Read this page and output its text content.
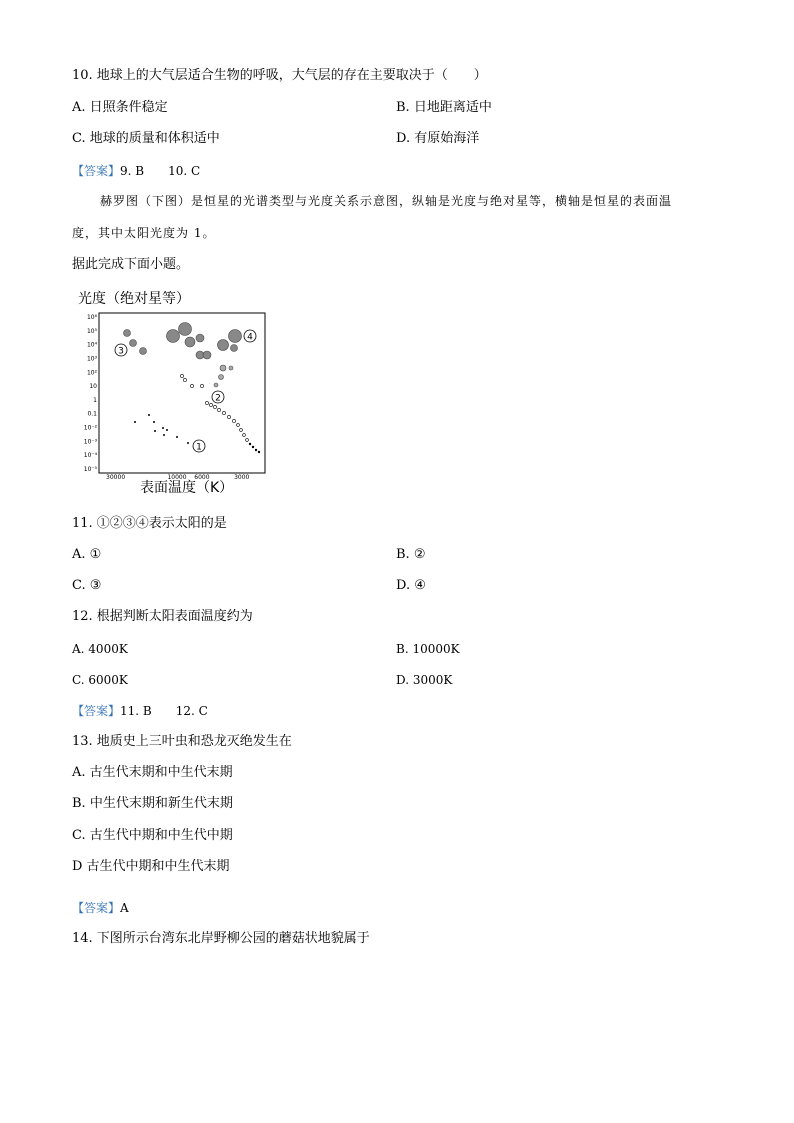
10. 地球上的大气层适合生物的呼吸，大气层的存在主要取决于（　　）
A. 日照条件稳定	B. 日地距离适中
C. 地球的质量和体积适中	D. 有原始海洋
【答案】9. B　　10. C
赫罗图（下图）是恒星的光谱类型与光度关系示意图，纵轴是光度与绝对星等，横轴是恒星的表面温
度，其中太阳光度为 1。
据此完成下面小题。
光度（绝对星等）
10⁶
10⁵
10⁴
10³
10²
10
1
0.1
10⁻²
10⁻³
10⁻⁴
10⁻⁵
30000	10000 6000	3000
3
4
2
1
表面温度（K）
11. ①②③④表示太阳的是
A. ①	B. ②
C. ③	D. ④
12. 根据判断太阳表面温度约为
A. 4000K	B. 10000K
C. 6000K	D. 3000K
【答案】11. B　　12. C
13. 地质史上三叶虫和恐龙灭绝发生在
A. 古生代末期和中生代末期
B. 中生代末期和新生代末期
C. 古生代中期和中生代中期
D 古生代中期和中生代末期
【答案】A
14. 下图所示台湾东北岸野柳公园的蘑菇状地貌属于
